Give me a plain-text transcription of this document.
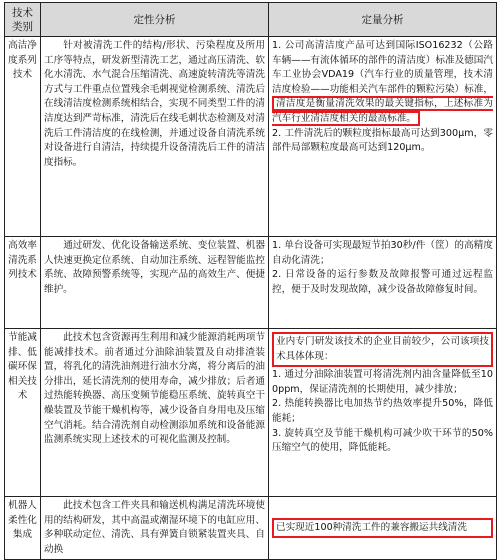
技术类别	定性分析	定量分析

高洁净度系列技术	针对被清洗工件的结构/形状、污染程度及所用工序等特点，研发新型清洗工艺，通过高压清洗、软化水清洗、水气混合压缩清洗、高速旋转清洗等清洗方式与工件重点位置残余毛刺视觉检测系统、清洗后在线清洁度检测系统相结合，实现不同类型工件的清洁度达到严苛标准，清洗后在线毛刺状态检测及对清洗后工件清洁度的在线检测，并通过设备自清洗系统对设备进行自清洁，持续提升设备清洗后工件的清洁度指标。	1. 公司高清洁度产品可达到国际ISO16232（公路车辆——有流体循环的部件的清洁度）标准及德国汽车工业协会VDA19（汽车行业的质量管理，技术清洁度检验——功能相关汽车部件的颗粒污染）标准，清洁度是衡量清洗效果的最关键指标，上述标准为汽车行业清洁度相关的最高标准。

2. 工件清洗后的颗粒度指标最高可达到300μm，零部件局部颗粒度最高可达到120μm。

高效率清洗系列技术	通过研发、优化设备输送系统、变位装置、机器人快速更换定位系统、自动加注系统、远程智能监控系统、故障预警系统等，实现产品的高效生产、便捷维护。	1. 单台设备可实现最短节拍30秒/件（筐）的高精度自动化清洗；

2. 日常设备的运行参数及故障报警可通过远程监控，便于及时发现故障，减少设备故障修复时间。

节能减排、低碳环保相关技术	此技术包含资源再生利用和减少能源消耗两项节能减排技术。前者通过分油除油装置及自动排渣装置，将乳化的清洗油剂进行油水分离，将分离后的油分排出，延长清洗剂的使用寿命，减少排放；后者通过热能转换器、高压变频节能稳压系统、旋转真空干燥装置及节能干燥机构等，减少设备自身用电及压缩空气消耗。结合清洗剂自动检测添加系统和设备能源监测系统实现上述技术的可视化监测及控制。	业内专门研发该技术的企业目前较少，公司该项技术具体体现：

1. 通过分油除油装置可将清洗剂内油含量降低至100ppm，保证清洗剂的长期使用，减少排放；

2. 热能转换器比电加热节约热效率提升50%，降低能耗；

3. 旋转真空及节能干燥机构可减少吹干环节的50%压缩空气的使用，降低能耗。

机器人柔性化集成	此技术包含工件夹具和输送机构满足清洗环境使用的结构研发，其中高温或潮湿环境下的电缸应用、多种联动定位、清洗、具有弹簧自锁紧装置夹具、自动换	已实现近100种清洗工件的兼容搬运共线清洗
